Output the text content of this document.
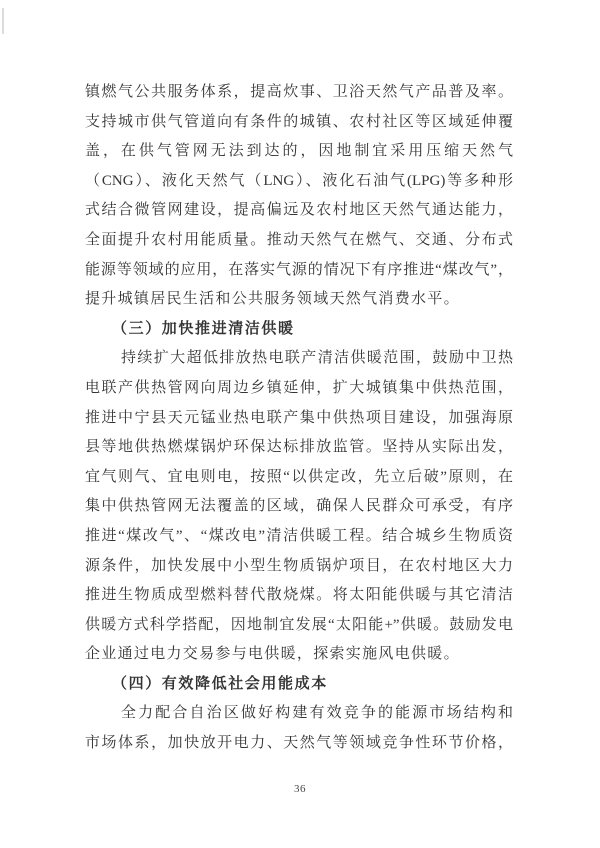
镇燃气公共服务体系，提高炊事、卫浴天然气产品普及率。
支持城市供气管道向有条件的城镇、农村社区等区域延伸覆
盖，在供气管网无法到达的，因地制宜采用压缩天然气
（CNG）、液化天然气（LNG）、液化石油气(LPG)等多种形
式结合微管网建设，提高偏远及农村地区天然气通达能力，
全面提升农村用能质量。推动天然气在燃气、交通、分布式
能源等领域的应用，在落实气源的情况下有序推进“煤改气”，
提升城镇居民生活和公共服务领域天然气消费水平。
（三）加快推进清洁供暖
持续扩大超低排放热电联产清洁供暖范围，鼓励中卫热
电联产供热管网向周边乡镇延伸，扩大城镇集中供热范围，
推进中宁县天元锰业热电联产集中供热项目建设，加强海原
县等地供热燃煤锅炉环保达标排放监管。坚持从实际出发，
宜气则气、宜电则电，按照“以供定改，先立后破”原则，在
集中供热管网无法覆盖的区域，确保人民群众可承受，有序
推进“煤改气”、“煤改电”清洁供暖工程。结合城乡生物质资
源条件，加快发展中小型生物质锅炉项目，在农村地区大力
推进生物质成型燃料替代散烧煤。将太阳能供暖与其它清洁
供暖方式科学搭配，因地制宜发展“太阳能+”供暖。鼓励发电
企业通过电力交易参与电供暖，探索实施风电供暖。
（四）有效降低社会用能成本
全力配合自治区做好构建有效竞争的能源市场结构和
市场体系，加快放开电力、天然气等领域竞争性环节价格，
36
